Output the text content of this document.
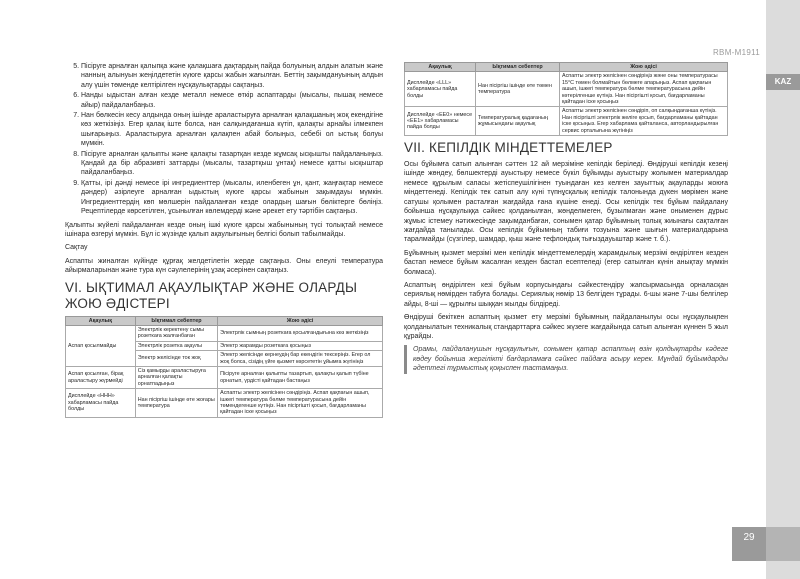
KAZ
RBM-M1911
29
5. Пісіруге арналған қалыпқа және қалақшаға дақтардың пайда болуының алдын алатын және нанның алынуын жеңілдететін күюге қарсы жабын жағылған. Беттің зақымдануының алдын алу үшін төменде келтірілген нұсқаулықтарды сақтаңыз.
6. Нанды ыдыстан алған кезде металл немесе өткір аспаптарды (мысалы, пышақ немесе айыр) пайдаланбаңыз.
7. Нан бөлкесін кесу алдында оның ішінде араластыруға арналған қалақшаның жоқ екендігіне көз жеткізіңіз. Егер қалақ іште болса, нан салқындағанша күтіп, қалақты арнайы ілмекпен шығарыңыз. Араластыруға арналған қалақпен абай болыңыз, себебі ол ыстық болуы мүмкін.
8. Пісіруге арналған қалыпты және қалақты тазартқан кезде жұмсақ ысқышты пайдаланыңыз. Қандай да бір абразивті заттарды (мысалы, тазартқыш ұнтақ) немесе қатты ысқыштар пайдаланбаңыз.
9. Қатты, ірі дәнді немесе ірі ингредиенттер (мысалы, иленбеген ұн, қант, жаңғақтар немесе дәндер) әзірлеуге арналған ыдыстың күюге қарсы жабынын зақымдауы мүмкін. Ингредиенттердің көп мөлшерін пайдаланған кезде олардың шағын бөліктерге бөліңіз. Рецептілерде көрсетілген, ұсынылған көлемдерді және әрекет ету тәртібін сақтаңыз.

Қалыпты жүйелі пайдаланған кезде оның ішкі күюге қарсы жабынының түсі толықтай немесе ішінара өзгеруі мүмкін. Бұл іс жүзінде қалып ақаулығының белгісі болып табылмайды.

Сақтау

Аспапты жиналған күйінде құрғақ желдетілетін жерде сақтаңыз. Оны елеулі температура айырмаларынан және тура күн сәулелерінің ұзақ әсерінен сақтаңыз.

VI. ЫҚТИМАЛ АҚАУЛЫҚТАР ЖӘНЕ ОЛАРДЫ ЖОЮ ӘДІСТЕРІ
Ақаулық	Ықтимал себептер	Жою әдісі
Аспап қосылмайды	Электрлік керектену сымы розеткаға жалғанбаған	Электрлік сымның розеткаға қосылғандығына көз жеткізіңіз
	Электрлік розетка ақаулы	Электр жарамды розеткаға қосыңыз
	Электр желісінде ток жоқ	Электр желісінде кернеудің бар екендігін тексеріңіз. Егер ол жоқ болса, сізідің үйге қызмет көрсететін ұйымға жүгініңіз
Аспап қосылған, бірақ араластыру жүрмейді	Сіз қамырды араластыруға арналған қалақты орнатпадыңыз	Пісіруге арналған қалыпты тазартып, қалақты қалып түбіне орнатып, үрдісті қайтадан бастаңыз
Дисплейде «HHH» хабарламасы пайда болды	Нан пісіргіш ішінде өте жоғары температура	Аспапты электр желісінен сөндіріңіз. Аспап қақпағын ашып, ішкегі температура бөлме температурасына дейін төмендегенше күтіңіз. Нан пісіргішті қосып, бағдарламаны қайтадан іске қосыңыз
Ақаулық	Ықтимал себептер	Жою әдісі
Дисплейде «LLL» хабарламасы пайда болды	Нан пісіргіш ішінде өте төмен температура	Аспапты электр желісінен сөндіріңіз және оны температурасы 15°С төмен болмайтын бөлмеге апарыңыз. Аспап қақпағын ашып, ішкегі температура бөлме температурасына дейін көтерілгенше күтіңіз. Нан пісіргішті қосып, бағдарламаны қайтадан іске қосыңыз
Дисплейде «EE0» немесе «EE1» хабарламасы пайда болды	Температуралық қадағаның жұмысындағы ақаулық	Аспапты электр желісінен сөндіріп, оп салқындағанша күтіңіз. Нан пісіргішті электрлік желіге қосып, бағдарламаны қайтадан іске қосыңыз. Егер хабарлама қайталанса, авторландырылған сервис орталығына жүгініңіз
VII. КЕПІЛДІК МІНДЕТТЕМЕЛЕР

Осы бұйымға сатып алынған сәттен 12 ай мерзіміне кепілдік беріледі. Өндіруші кепілдік кезеңі ішінде жөндеу, бөлшектерді ауыстыру немесе бүкіл бұйымды ауыстыру жолымен материалдар немесе құрылым сапасы жетіспеушілігінен туындаған кез келген зауыттық ақауларды жоюға міндеттенеді. Кепілдік тек сатып алу күні түпнұсқалық кепілдік талонында дүкен мөрімен және сатушы қолымен расталған жағдайда ғана күшіне енеді. Осы кепілдік тек бұйым пайдалану бойынша нұсқаулыққа сәйкес қолданылған, жөнделмеген, бұзылмаған және оныменен дұрыс жұмыс істемеу нәтижесінде зақымданбаған, сонымен қатар бұйымның толық жиынағы сақталған жағдайда танылады. Осы кепілдік бұйымның табиғи тозуына және шығын материалдарына таралмайды (сүзгілер, шамдар, қыш және тефлондық тығыздауыштар және т. б.).

Бұйымның қызмет мерзімі мен кепілдік міндеттемелердің жарамдылық мерзімі өндірілген кезден бастап немесе бұйым жасалған кезден бастап есептеледі (егер сатылған күнін анықтау мүмкін болмаса).

Аспаптың өндірілген кезі бұйым корпусындағы сәйкестендіру жапсырмасында орналасқан сериялық нөмірден табуға болады. Сериялық нөмір 13 белгіден тұрады. 6-шы және 7-шы белгілер айды, 8-ші — құрылғы шыққан жылды білдіреді.

Өндіруші бекіткен аспаптың қызмет ету мерзімі бұйымның пайдаланылуы осы нұсқаулықпен қолданылатын техникалық стандарттарға сәйкес жүзеге жағдайында сатып алынған күннен 5 жыл құрайды.

Орамы, пайдаланушын нұсқаулығын, сонымен қатар аспаптың өзін қолдықтарды кәдеге көдеу бойынша жергілікті бағдарламаға сәйкес пайдаға асыру керек. Мұндай бұйымдарды әдеттегі тұрмыстық қоқыспен тастамаңыз.
